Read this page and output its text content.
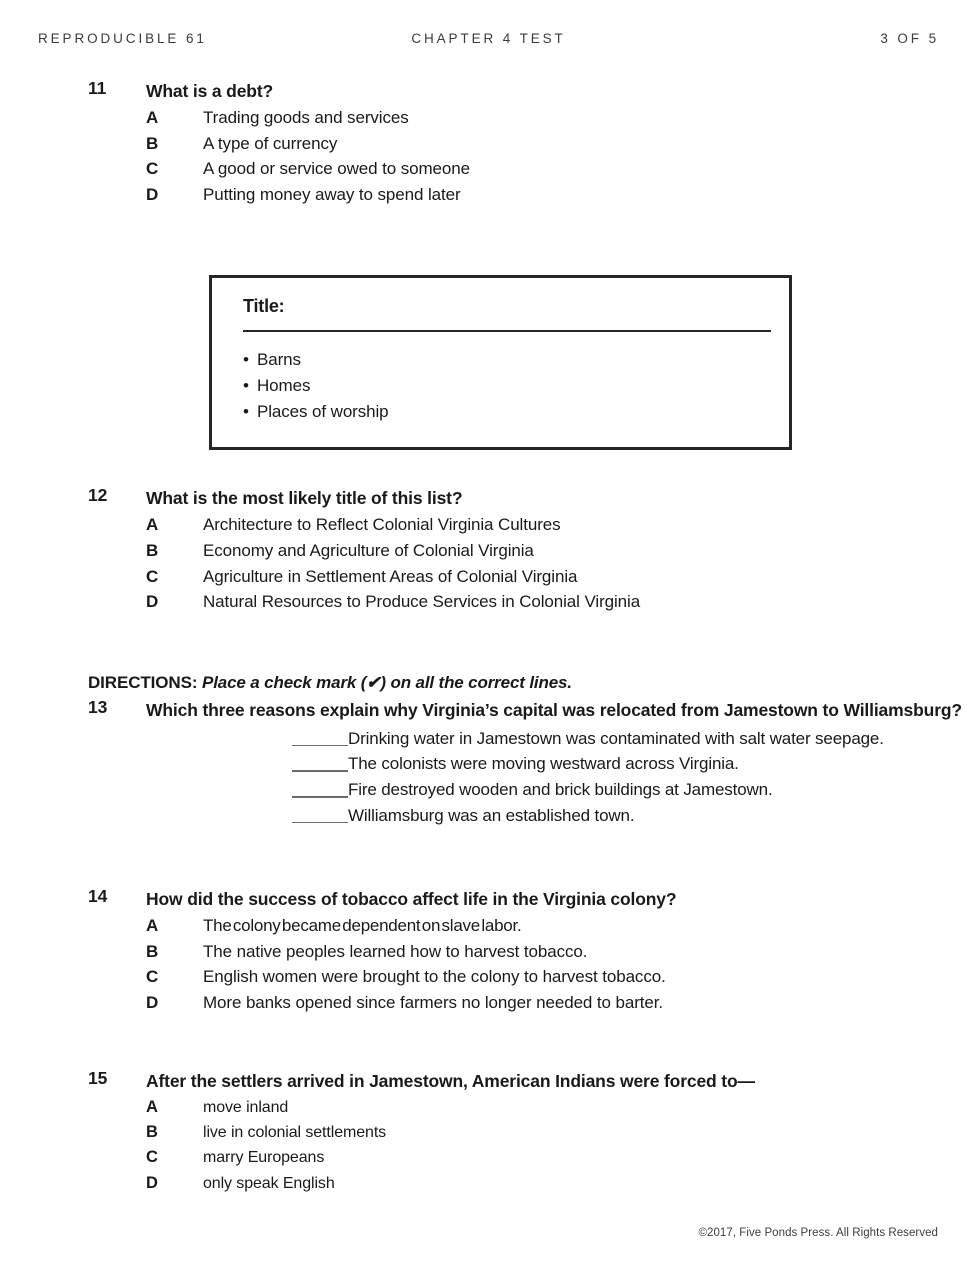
REPRODUCIBLE 61	CHAPTER 4 TEST	3 OF 5
11 What is a debt?
A	Trading goods and services
B	A type of currency
C	A good or service owed to someone
D	Putting money away to spend later
Title:
• Barns
• Homes
• Places of worship
12 What is the most likely title of this list?
A	Architecture to Reflect Colonial Virginia Cultures
B	Economy and Agriculture of Colonial Virginia
C	Agriculture in Settlement Areas of Colonial Virginia
D	Natural Resources to Produce Services in Colonial Virginia
DIRECTIONS: Place a check mark (✔) on all the correct lines.
13 Which three reasons explain why Virginia’s capital was relocated from Jamestown to Williamsburg?
Drinking water in Jamestown was contaminated with salt water seepage.
The colonists were moving westward across Virginia.
Fire destroyed wooden and brick buildings at Jamestown.
Williamsburg was an established town.
14 How did the success of tobacco affect life in the Virginia colony?
A	The colony became dependent on slave labor.
B	The native peoples learned how to harvest tobacco.
C	English women were brought to the colony to harvest tobacco.
D	More banks opened since farmers no longer needed to barter.
15 After the settlers arrived in Jamestown, American Indians were forced to—
A	move inland
B	live in colonial settlements
C	marry Europeans
D	only speak English
©2017, Five Ponds Press. All Rights Reserved
